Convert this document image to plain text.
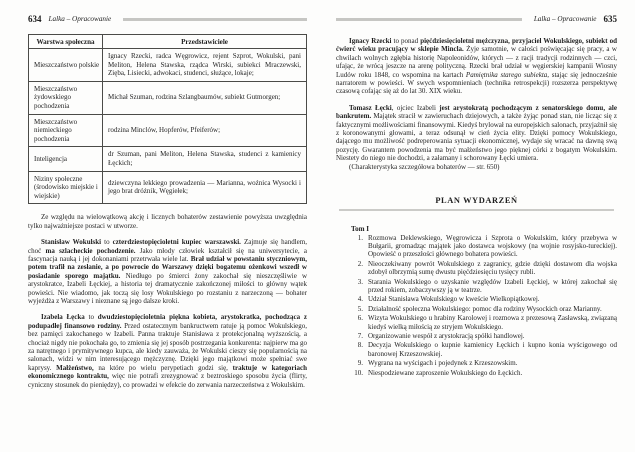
634 Lalka – Opracowanie
Warstwa społeczna	Przedstawiciele
Mieszczaństwo polskie	Ignacy Rzecki, radca Węgrowicz, rejent Szprot, Wokulski, pani Meliton, Helena Stawska, rządca Wirski, subiekci Mraczewski, Zięba, Lisiecki, adwokaci, studenci, służące, lokaje;
Mieszczaństwo żydowskiego pochodzenia	Michał Szuman, rodzina Szlangbaumów, subiekt Gutmorgen;
Mieszczaństwo niemieckiego pochodzenia	rodzina Minclów, Hopferów, Pfeiferów;
Inteligencja	dr Szuman, pani Meliton, Helena Stawska, studenci z kamienicy Łęckich;
Niziny społeczne (środowisko miejskie i wiejskie)	dziewczyna lekkiego prowadzenia — Marianna, woźnica Wysocki i jego brat dróżnik, Węgiełek;

Ze względu na wielowątkową akcję i licznych bohaterów zestawienie powyższa uwzględnia tylko najważniejsze postaci w utworze.

Stanisław Wokulski to czterdziestopięcioletni kupiec warszawski. Zajmuje się handlem, choć ma szlacheckie pochodzenie. Jako młody człowiek kształcił się na uniwersytecie, a fascynacja nauką i jej dokonaniami przetrwała wiele lat. Brał udział w powstaniu styczniowym, potem trafił na zesłanie, a po powrocie do Warszawy dzięki bogatemu ożenkowi wszedł w posiadanie sporego majątku. Niedługo po śmierci żony zakochał się nieszczęśliwie w arystokratce, Izabeli Łęckiej, a historia tej dramatycznie zakończonej miłości to główny wątek powieści. Nie wiadomo, jak toczą się losy Wokulskiego po rozstaniu z narzeczoną — bohater wyjeżdża z Warszawy i nieznane są jego dalsze kroki.

Izabela Łęcka to dwudziestopięcioletnia piękna kobieta, arystokratka, pochodząca z podupadłej finansowo rodziny. Przed ostatecznym bankructwem ratuje ją pomoc Wokulskiego, bez pamięci zakochanego w Izabeli. Panna traktuje Stanisława z protekcjonalną wyższością, a chociaż nigdy nie pokochała go, to zmienia się jej sposób postrzegania konkurenta: najpierw ma go za natrętnego i prymitywnego kupca, ale kiedy zauważa, że Wokulski cieszy się popularnością na salonach, widzi w nim interesującego mężczyznę. Dzięki jego majątkowi może spełniać swe kaprysy. Małżeństwo, na które po wielu perypetiach godzi się, traktuje w kategoriach ekonomicznego kontraktu, więc nie potrafi zrezygnować z beztroskiego sposobu życia (flirty, cyniczny stosunek do pieniędzy), co prowadzi w efekcie do zerwania narzeczeństwa z Wokulskim.

Lalka – Opracowanie 635

Ignacy Rzecki to ponad pięćdziesięcioletni mężczyzna, przyjaciel Wokulskiego, subiekt od ćwierć wieku pracujący w sklepie Mincla. Żyje samotnie, w całości poświęcając się pracy, a w chwilach wolnych zgłębia historię Napoleonidów, których — z racji tradycji rodzinnych — czci, ufając, że wrócą jeszcze na arenę polityczną. Rzecki brał udział w węgierskiej kampanii Wiosny Ludów roku 1848, co wspomina na kartach Pamiętnika starego subiekta, stając się jednocześnie narratorem w powieści. W swych wspomnieniach (technika retrospekcji) rozszerza perspektywę czasową cofając się aż do lat 30. XIX wieku.

Tomasz Łęcki, ojciec Izabeli jest arystokratą pochodzącym z senatorskiego domu, ale bankrutem. Majątek stracił w zawieruchach dziejowych, a także żyjąc ponad stan, nie licząc się z faktycznymi możliwościami finansowymi. Kiedyś brylował na europejskich salonach, przyjaźnił się z koronowanymi głowami, a teraz odsunął w cień życia elity. Dzięki pomocy Wokulskiego, dającego mu możliwość podreperowania sytuacji ekonomicznej, wydaje się wracać na dawną swą pozycję. Gwarantem powodzenia ma być małżeństwo jego pięknej córki z bogatym Wokulskim. Niestety do niego nie dochodzi, a załamany i schorowany Łęcki umiera.

(Charakterystyka szczegółowa bohaterów — str. 650)

PLAN WYDARZEŃ
Tom I
Rozmowa Deklewskiego, Węgrowicza i Szprota o Wokulskim, który przebywa w Bułgarii, gromadząc majątek jako dostawca wojskowy (na wojnie rosyjsko-tureckiej). Opowieść o przeszłości głównego bohatera powieści.
Nieoczekiwany powrót Wokulskiego z zagranicy, gdzie dzięki dostawom dla wojska zdobył olbrzymią sumę dwustu pięćdziesięciu tysięcy rubli.
Starania Wokulskiego o uzyskanie względów Izabeli Łęckiej, w której zakochał się przed rokiem, zobaczywszy ją w teatrze.
Udział Stanisława Wokulskiego w kweście Wielkopiątkowej.
Działalność społeczna Wokulskiego: pomoc dla rodziny Wysockich oraz Marianny.
Wizyta Wokulskiego u hrabiny Karolowej i rozmowa z prezesową Zasławską, związaną kiedyś wielką miłością ze stryjem Wokulskiego.
Organizowanie wespół z arystokracją spółki handlowej.
Decyzja Wokulskiego o kupnie kamienicy Łęckich i kupno konia wyścigowego od baronowej Krzeszowskiej.
Wygrana na wyścigach i pojedynek z Krzeszowskim.
Niespodziewane zaproszenie Wokulskiego do Łęckich.
